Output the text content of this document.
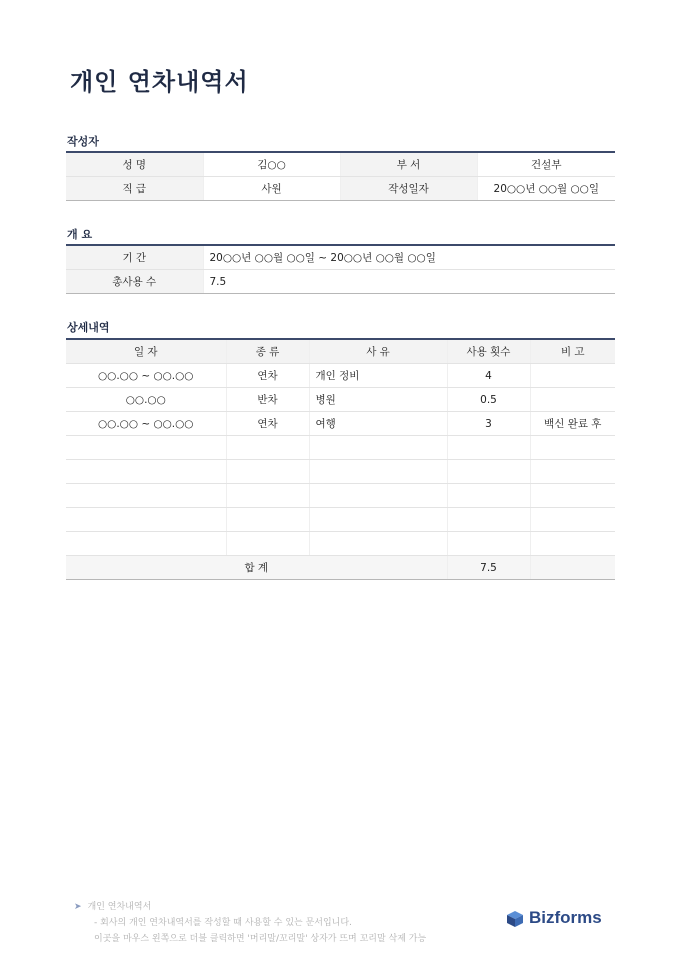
개인 연차내역서
작성자
성 명	김○○	부 서	건설부
직 급	사원	작성일자	20○○년 ○○월 ○○일
개 요
기 간	20○○년 ○○월 ○○일 ~ 20○○년 ○○월 ○○일
총사용 수	7.5
상세내역
일 자	종 류	사 유	사용 횟수	비 고
○○.○○ ~ ○○.○○	연차	개인 정비	4	
○○.○○	반차	병원	0.5	
○○.○○ ~ ○○.○○	연차	여행	3	백신 완료 후

합 계			7.5	
➤ 개인 연차내역서
- 회사의 개인 연차내역서를 작성할 때 사용할 수 있는 문서입니다.
이곳을 마우스 왼쪽으로 더블 클릭하면 '머리말/꼬리말' 상자가 뜨며 꼬리말 삭제 가능
Bizforms
